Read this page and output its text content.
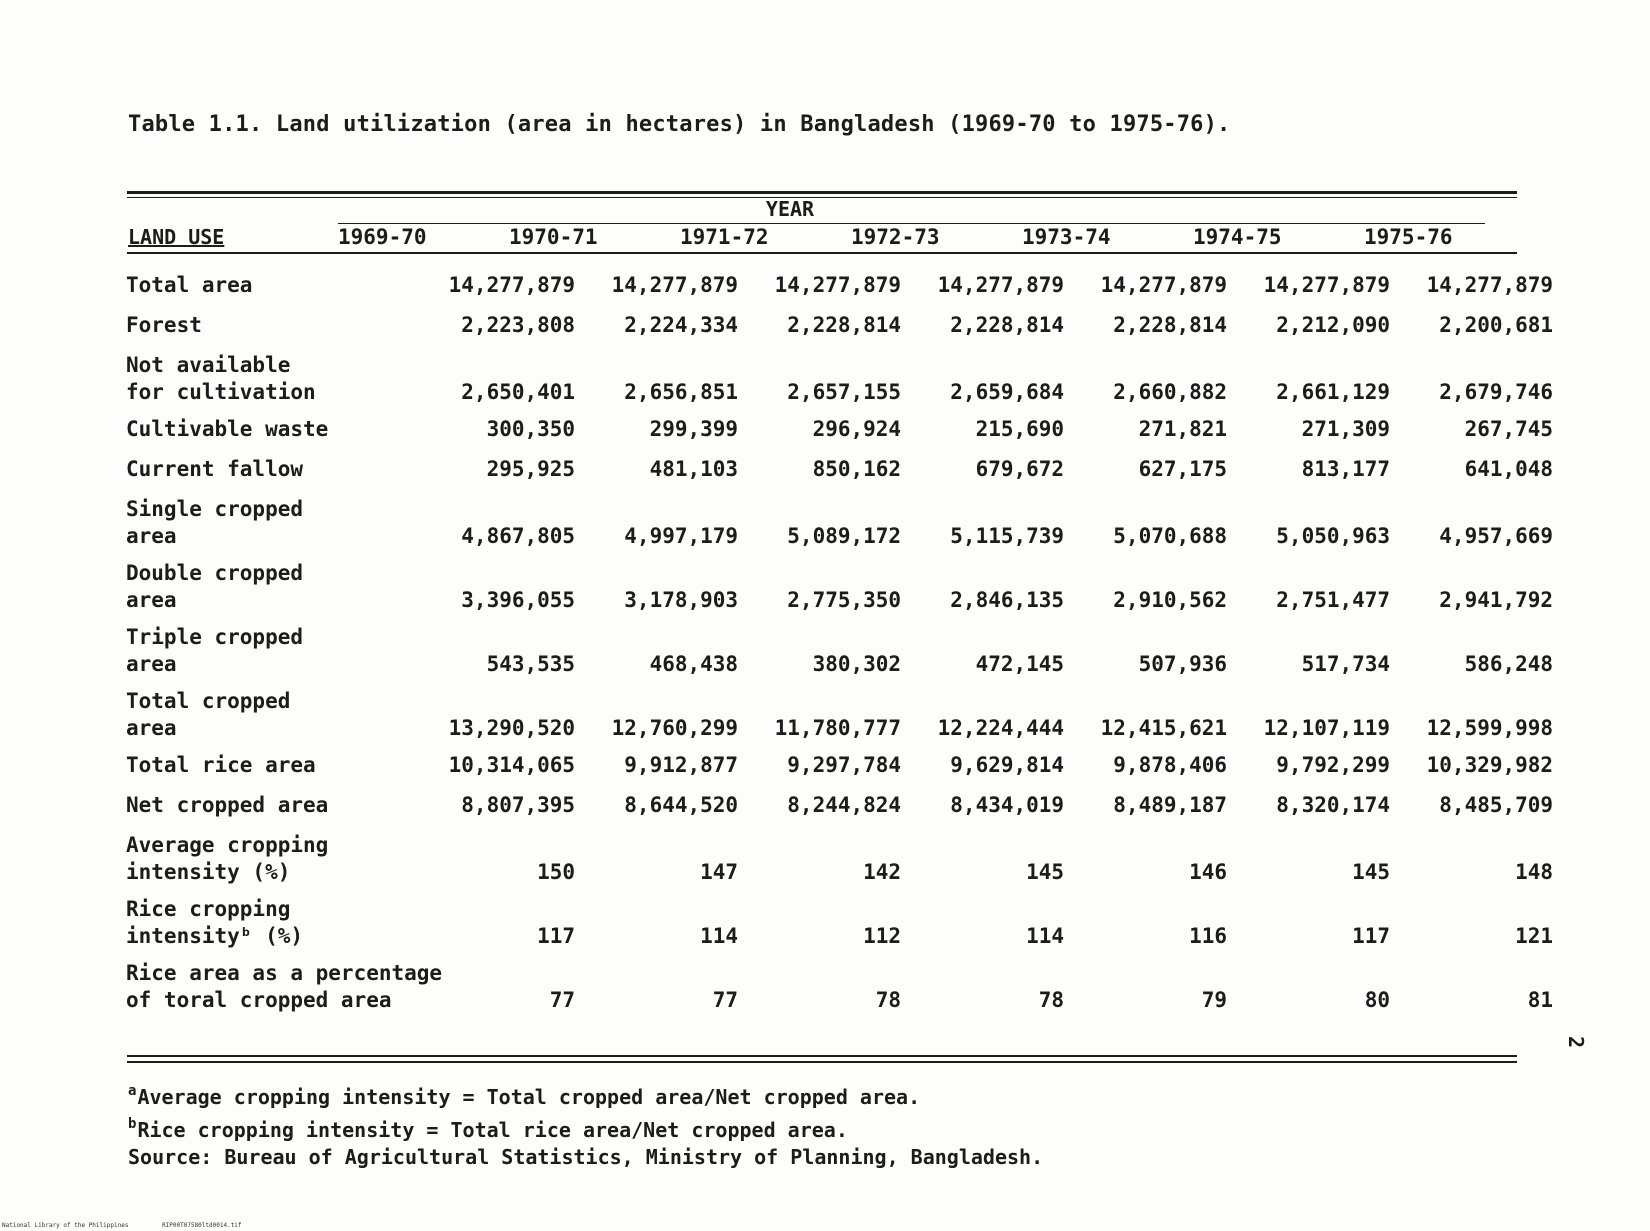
Table 1.1. Land utilization (area in hectares) in Bangladesh (1969-70 to 1975-76).
YEAR
LAND USE	1969-70	1970-71	1971-72	1972-73	1973-74	1974-75	1975-76
Total area	14,277,879	14,277,879	14,277,879	14,277,879	14,277,879	14,277,879	14,277,879

Forest	2,223,808	2,224,334	2,228,814	2,228,814	2,228,814	2,212,090	2,200,681

Not available
for cultivation	2,650,401	2,656,851	2,657,155	2,659,684	2,660,882	2,661,129	2,679,746

Cultivable waste	300,350	299,399	296,924	215,690	271,821	271,309	267,745

Current fallow	295,925	481,103	850,162	679,672	627,175	813,177	641,048

Single cropped
area	4,867,805	4,997,179	5,089,172	5,115,739	5,070,688	5,050,963	4,957,669

Double cropped
area	3,396,055	3,178,903	2,775,350	2,846,135	2,910,562	2,751,477	2,941,792

Triple cropped
area	543,535	468,438	380,302	472,145	507,936	517,734	586,248

Total cropped
area	13,290,520	12,760,299	11,780,777	12,224,444	12,415,621	12,107,119	12,599,998

Total rice area	10,314,065	9,912,877	9,297,784	9,629,814	9,878,406	9,792,299	10,329,982

Net cropped area	8,807,395	8,644,520	8,244,824	8,434,019	8,489,187	8,320,174	8,485,709

Average cropping
intensity (%)	150	147	142	145	146	145	148

Rice cropping
intensityᵇ (%)	117	114	112	114	116	117	121

Rice area as a percentage
of toral cropped area	77	77	78	78	79	80	81
$^a$Average cropping intensity = Total cropped area/Net cropped area.
$^b$Rice cropping intensity = Total rice area/Net cropped area.
Source: Bureau of Agricultural Statistics, Ministry of Planning, Bangladesh.
2
National Library of the Philippines	RIP00T07580ltd0014.tif
